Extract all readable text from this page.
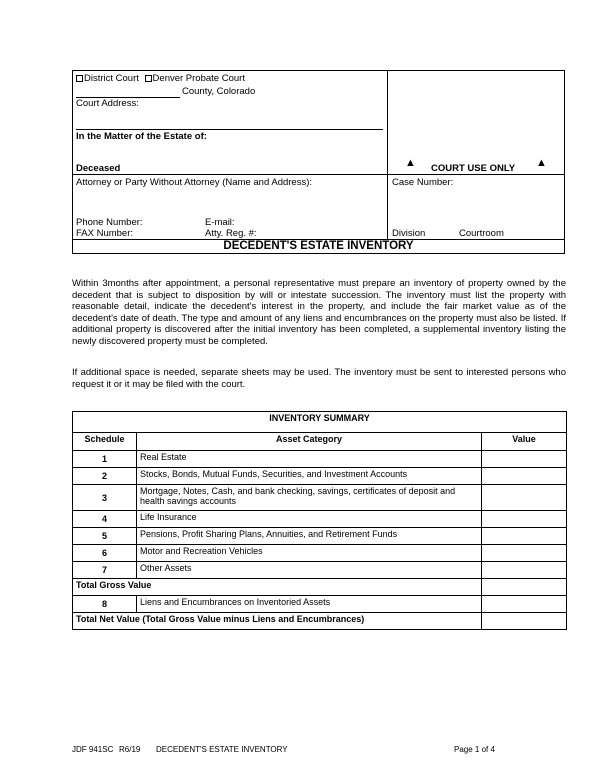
District Court Denver Probate Court
County, Colorado
Court Address:
In the Matter of the Estate of:
Deceased	▲ COURT USE ONLY ▲
Attorney or Party Without Attorney (Name and Address):	Case Number:
Phone Number:	E-mail:
FAX Number:	Atty. Reg. #:	Division	Courtroom
DECEDENT'S ESTATE INVENTORY
Within 3months after appointment, a personal representative must prepare an inventory of property owned by the decedent that is subject to disposition by will or intestate succession. The inventory must list the property with reasonable detail, indicate the decedent's interest in the property, and include the fair market value as of the decedent's date of death. The type and amount of any liens and encumbrances on the property must also be listed. If additional property is discovered after the initial inventory has been completed, a supplemental inventory listing the newly discovered property must be completed.
If additional space is needed, separate sheets may be used. The inventory must be sent to interested persons who request it or it may be filed with the court.
INVENTORY SUMMARY		
Schedule	Asset Category	Value
1	Real Estate	
2	Stocks, Bonds, Mutual Funds, Securities, and Investment Accounts	
3	Mortgage, Notes, Cash, and bank checking, savings, certificates of deposit and health savings accounts	
4	Life Insurance	
5	Pensions, Profit Sharing Plans, Annuities, and Retirement Funds	
6	Motor and Recreation Vehicles	
7	Other Assets	
Total Gross Value		
8	Liens and Encumbrances on Inventoried Assets	
Total Net Value (Total Gross Value minus Liens and Encumbrances)		
JDF 941SC R6/19 DECEDENT'S ESTATE INVENTORY	Page 1 of 4
